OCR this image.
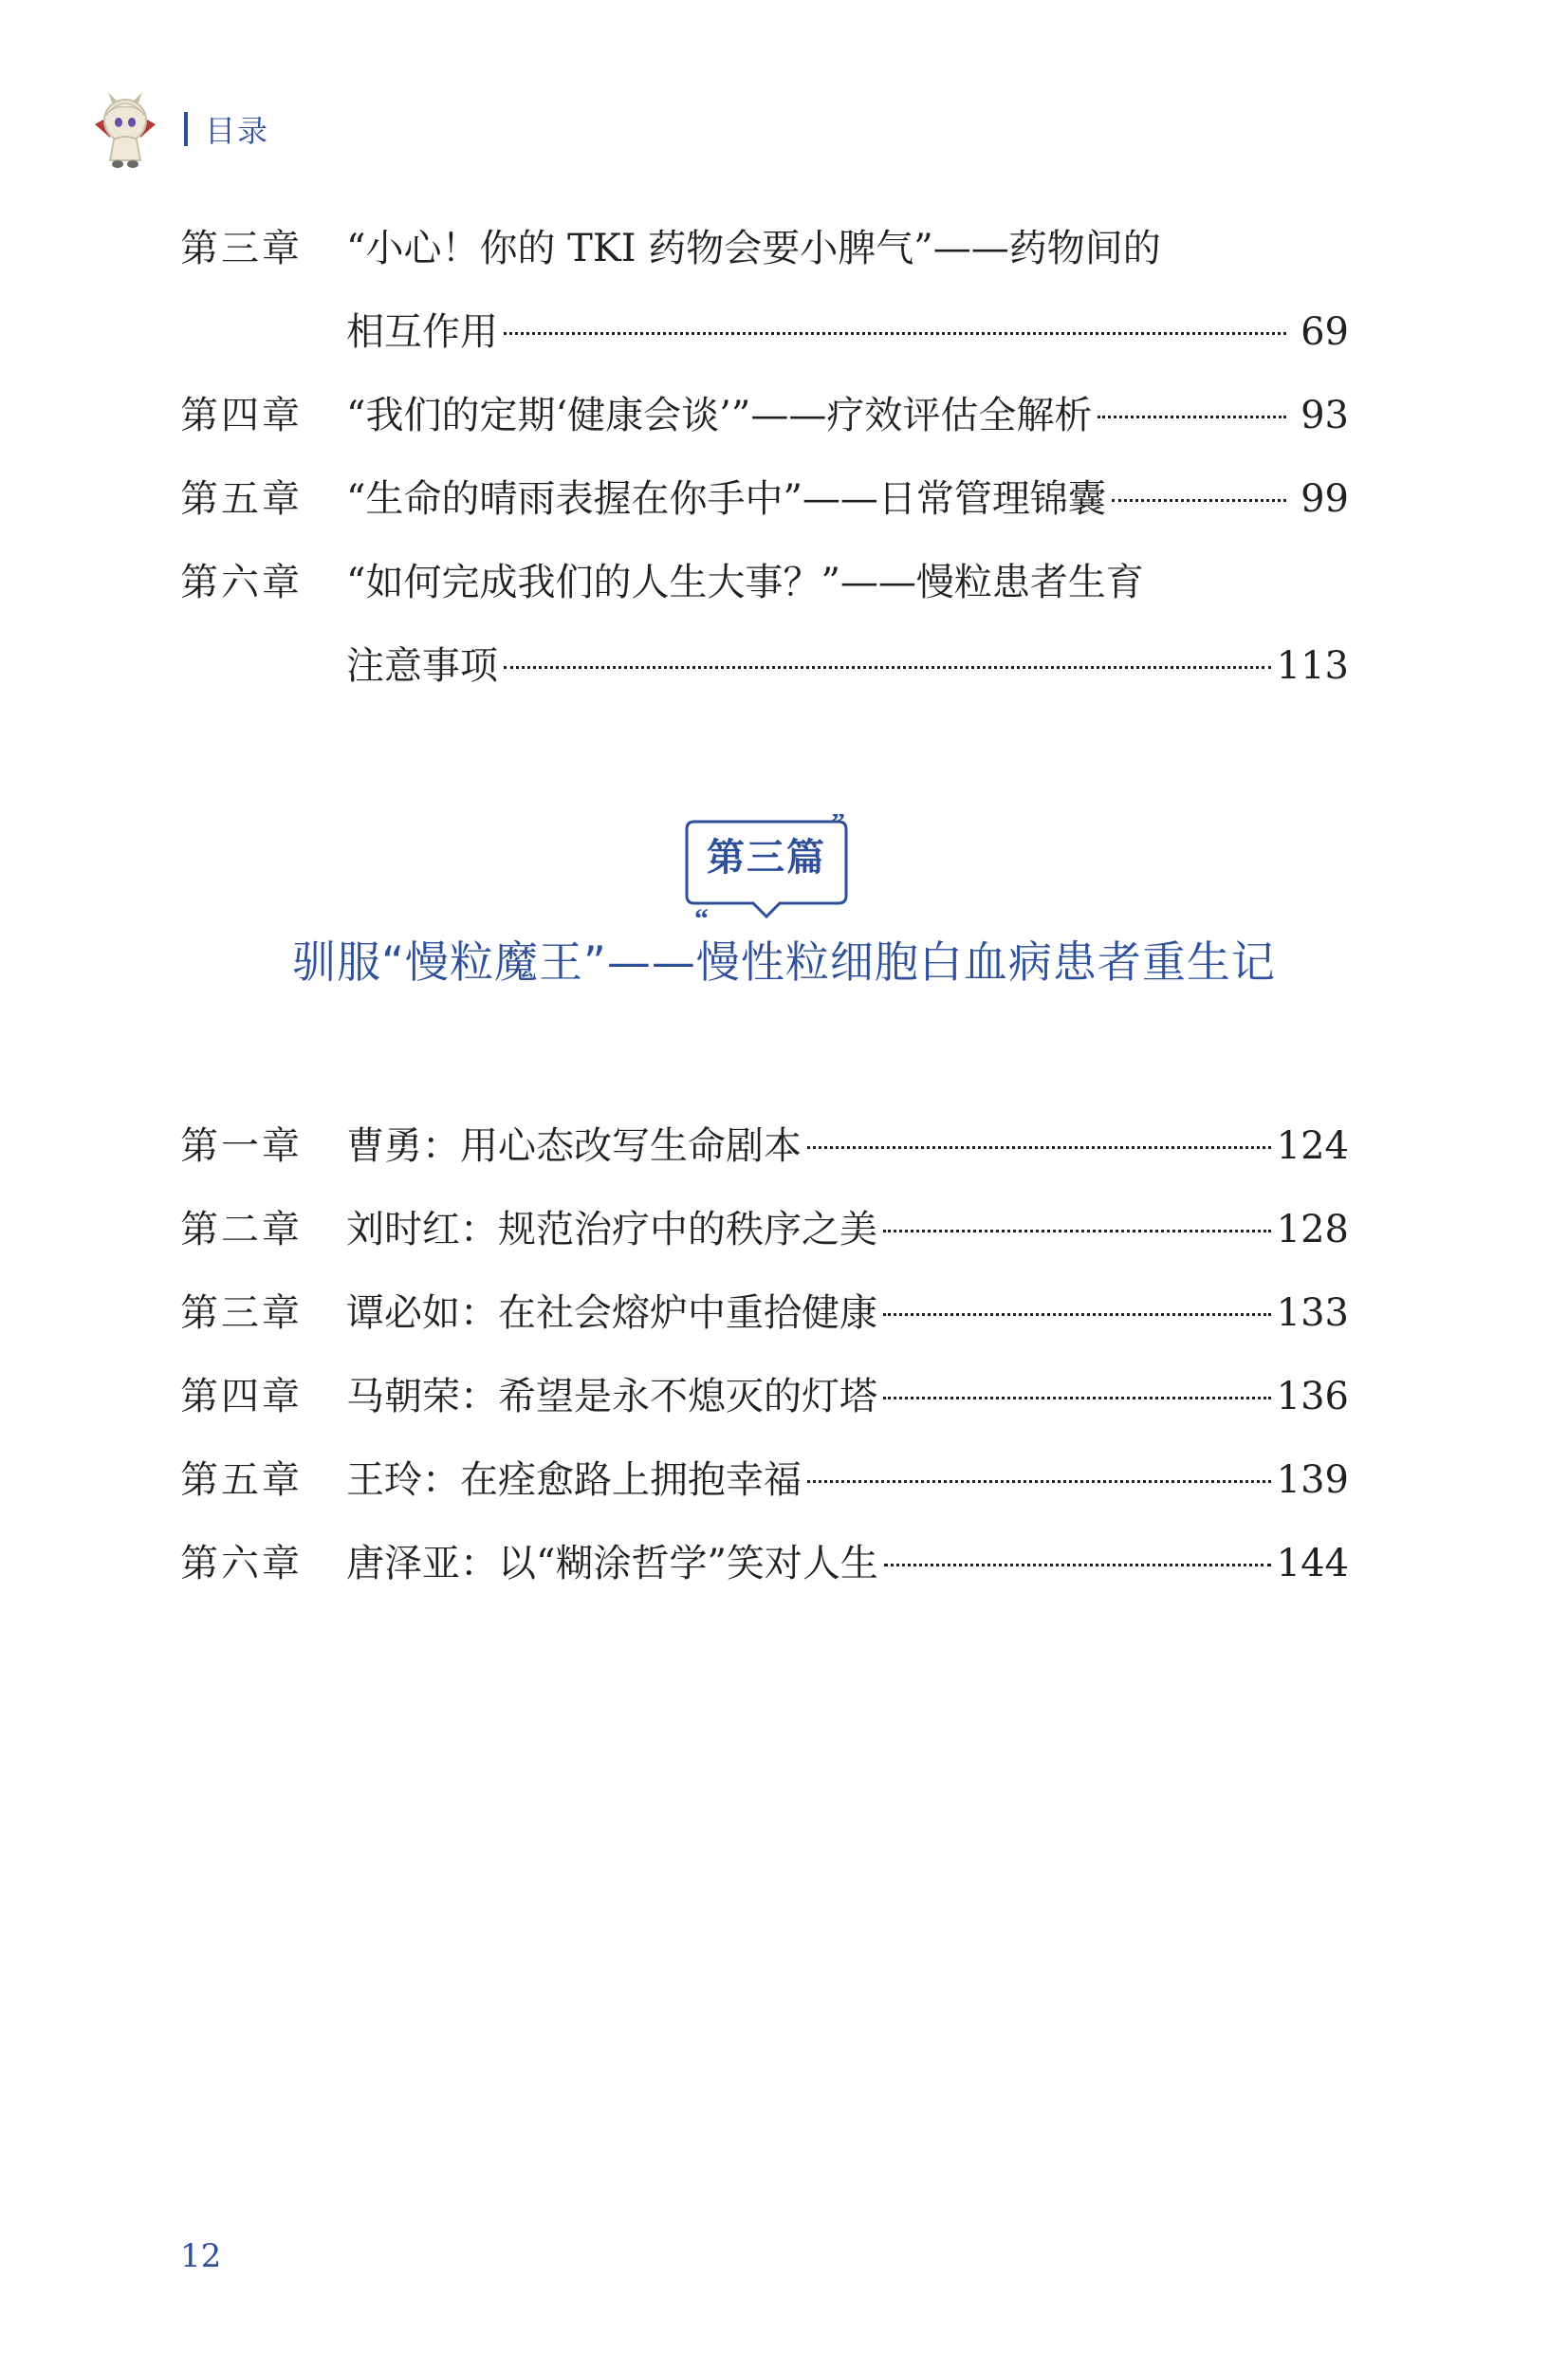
目录
第三章 “小心！你的 TKI 药物会要小脾气”——药物间的
相互作用	69
第四章 “我们的定期‘健康会谈’”——疗效评估全解析	93
第五章 “生命的晴雨表握在你手中”——日常管理锦囊	99
第六章 “如何完成我们的人生大事？”——慢粒患者生育
注意事项	113
”
“
第三篇
驯服“慢粒魔王”——慢性粒细胞白血病患者重生记
第一章 曹勇：用心态改写生命剧本	124
第二章 刘时红：规范治疗中的秩序之美	128
第三章 谭必如：在社会熔炉中重拾健康	133
第四章 马朝荣：希望是永不熄灭的灯塔	136
第五章 王玲：在痊愈路上拥抱幸福	139
第六章 唐泽亚：以“糊涂哲学”笑对人生	144
12
